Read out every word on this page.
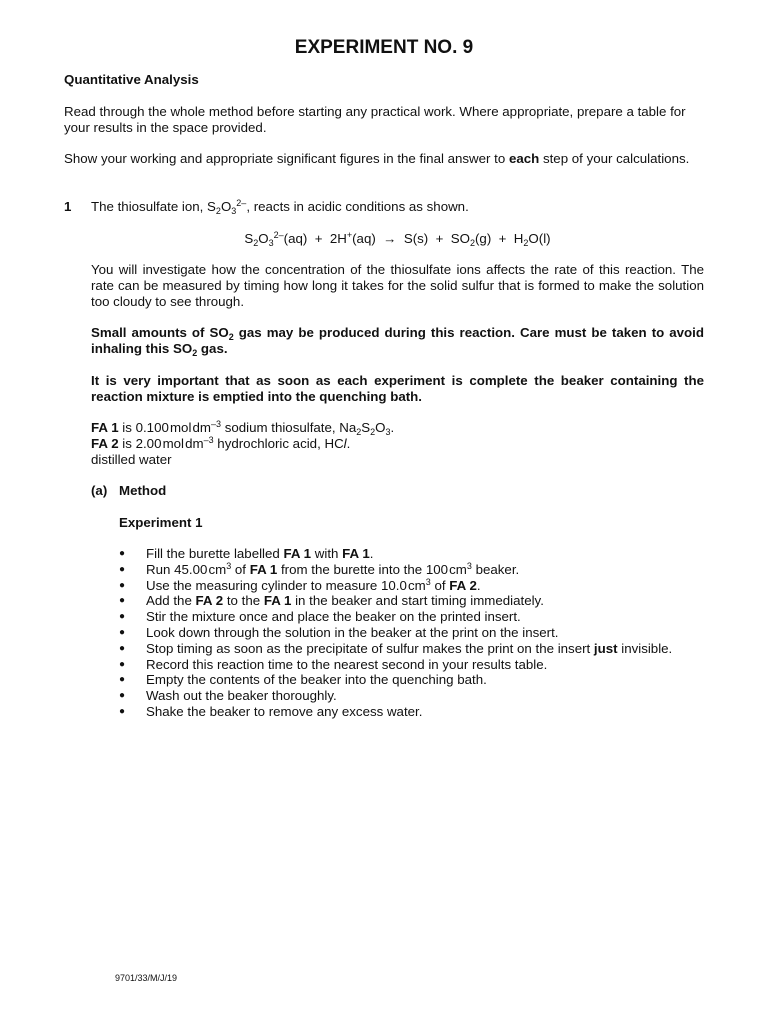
EXPERIMENT NO. 9
Quantitative Analysis
Read through the whole method before starting any practical work. Where appropriate, prepare a table for your results in the space provided.
Show your working and appropriate significant figures in the final answer to each step of your calculations.
1 The thiosulfate ion, $S_2O_3^{2-}$, reacts in acidic conditions as shown.
$S_2O_3^{2-}(aq) + 2H^+(aq) \to S(s) + SO_2(g) + H_2O(l)$
You will investigate how the concentration of the thiosulfate ions affects the rate of this reaction. The rate can be measured by timing how long it takes for the solid sulfur that is formed to make the solution too cloudy to see through.
Small amounts of $SO_2$ gas may be produced during this reaction. Care must be taken to avoid inhaling this $SO_2$ gas.
It is very important that as soon as each experiment is complete the beaker containing the reaction mixture is emptied into the quenching bath.
FA 1 is 0.100 mol $dm^{-3}$ sodium thiosulfate, $Na_2S_2O_3$.
FA 2 is 2.00 mol $dm^{-3}$ hydrochloric acid, HCl.
distilled water
(a) Method
Experiment 1
● Fill the burette labelled FA 1 with FA 1.
● Run 45.00 $cm^3$ of FA 1 from the burette into the 100 $cm^3$ beaker.
● Use the measuring cylinder to measure 10.0 $cm^3$ of FA 2.
● Add the FA 2 to the FA 1 in the beaker and start timing immediately.
● Stir the mixture once and place the beaker on the printed insert.
● Look down through the solution in the beaker at the print on the insert.
● Stop timing as soon as the precipitate of sulfur makes the print on the insert just invisible.
● Record this reaction time to the nearest second in your results table.
● Empty the contents of the beaker into the quenching bath.
● Wash out the beaker thoroughly.
● Shake the beaker to remove any excess water.
9701/33/M/J/19
